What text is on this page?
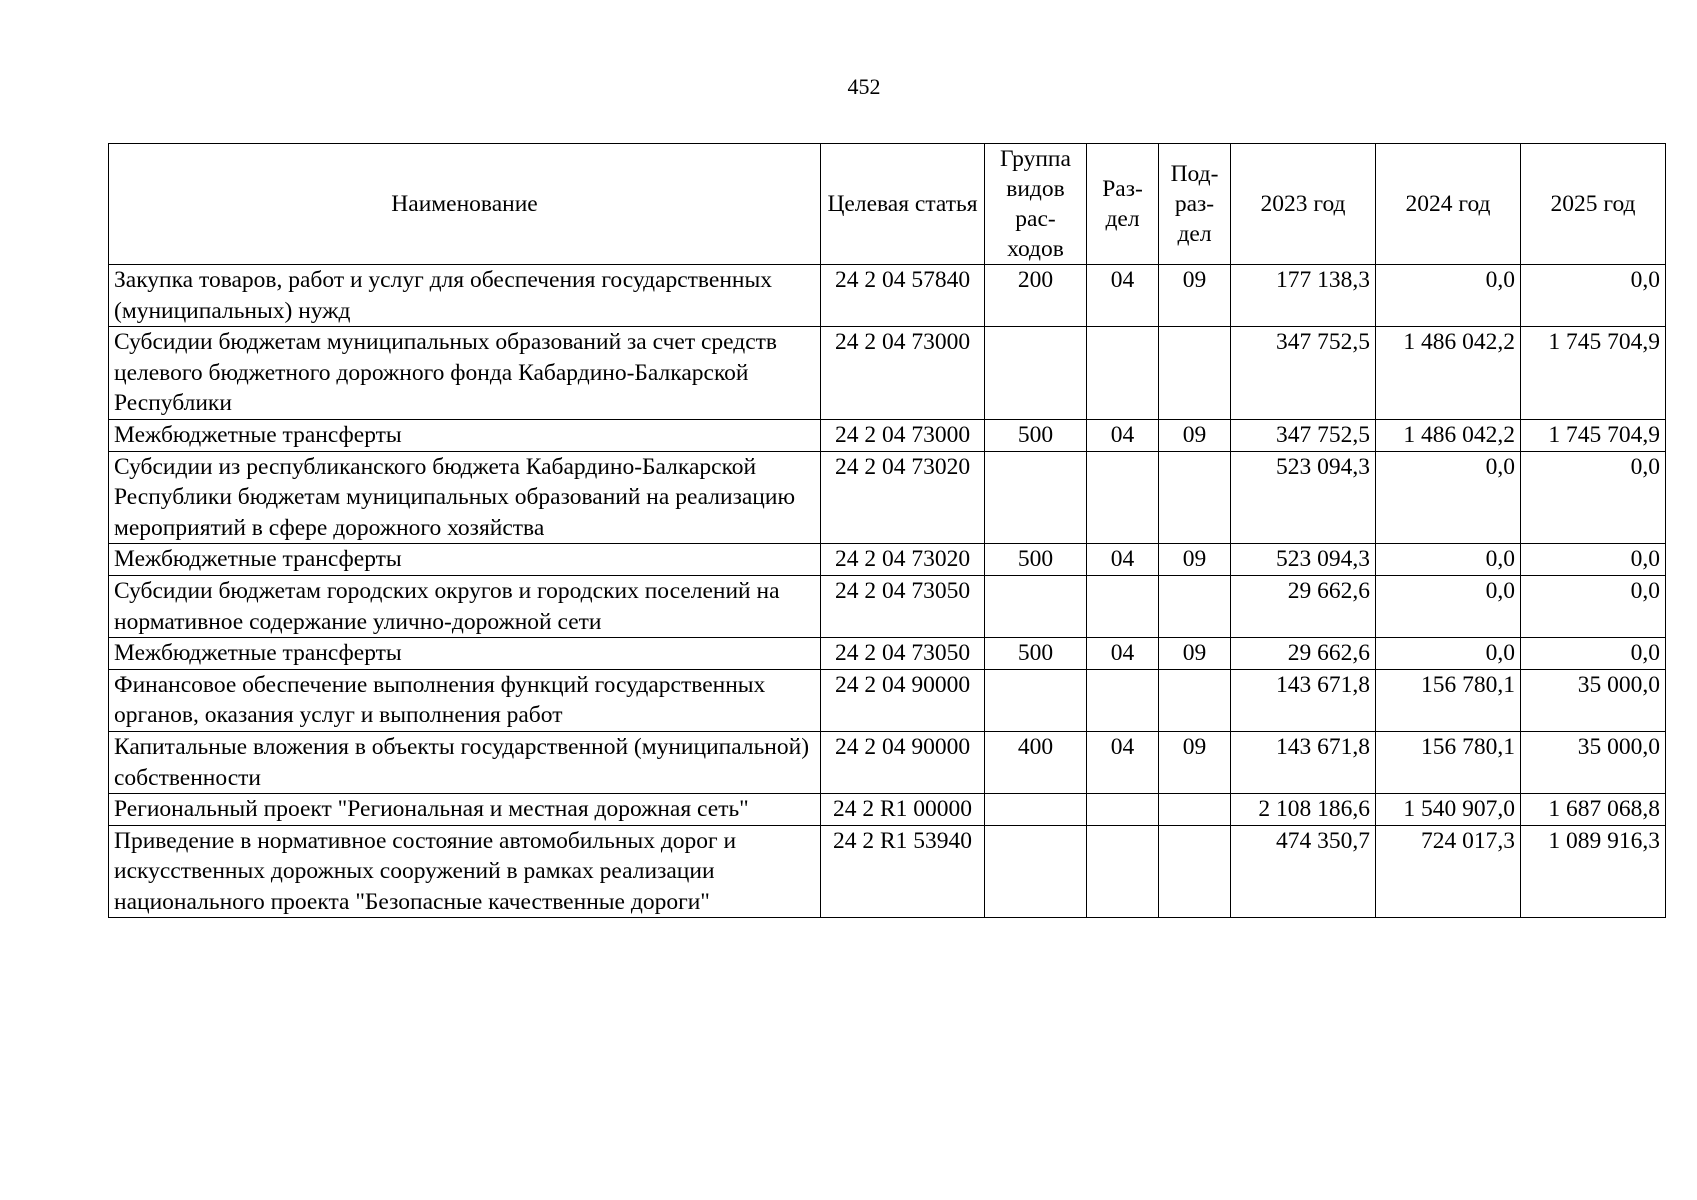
452
Наименование	Целевая статья	Группа видов рас-ходов	Раз-дел	Под-раз-дел	2023 год	2024 год	2025 год
Закупка товаров, работ и услуг для обеспечения государственных (муниципальных) нужд	24 2 04 57840	200	04	09	177 138,3	0,0	0,0
Субсидии бюджетам муниципальных образований за счет средств целевого бюджетного дорожного фонда Кабардино-Балкарской Республики	24 2 04 73000				347 752,5	1 486 042,2	1 745 704,9
Межбюджетные трансферты	24 2 04 73000	500	04	09	347 752,5	1 486 042,2	1 745 704,9
Субсидии из республиканского бюджета Кабардино-Балкарской Республики бюджетам муниципальных образований на реализацию мероприятий в сфере дорожного хозяйства	24 2 04 73020				523 094,3	0,0	0,0
Межбюджетные трансферты	24 2 04 73020	500	04	09	523 094,3	0,0	0,0
Субсидии бюджетам городских округов и городских поселений на нормативное содержание улично-дорожной сети	24 2 04 73050				29 662,6	0,0	0,0
Межбюджетные трансферты	24 2 04 73050	500	04	09	29 662,6	0,0	0,0
Финансовое обеспечение выполнения функций государственных органов, оказания услуг и выполнения работ	24 2 04 90000				143 671,8	156 780,1	35 000,0
Капитальные вложения в объекты государственной (муниципальной) собственности	24 2 04 90000	400	04	09	143 671,8	156 780,1	35 000,0
Региональный проект "Региональная и местная дорожная сеть"	24 2 R1 00000				2 108 186,6	1 540 907,0	1 687 068,8
Приведение в нормативное состояние автомобильных дорог и искусственных дорожных сооружений в рамках реализации национального проекта "Безопасные качественные дороги"	24 2 R1 53940				474 350,7	724 017,3	1 089 916,3
